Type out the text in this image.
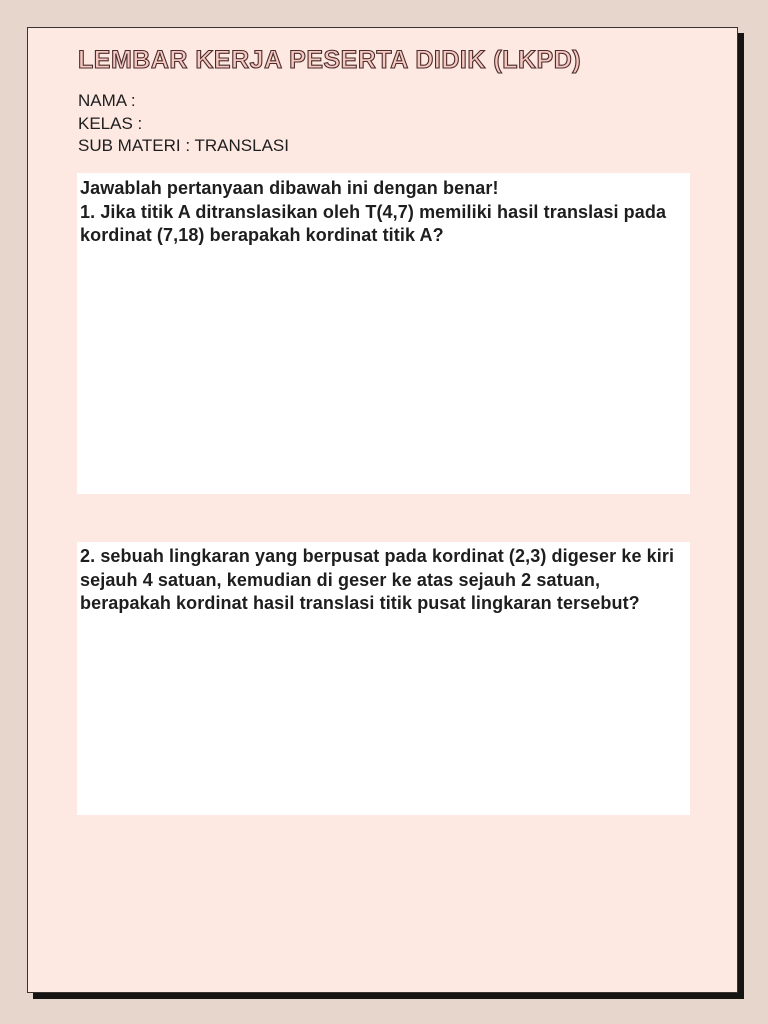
LEMBAR KERJA PESERTA DIDIK (LKPD)
NAMA :
KELAS :
SUB MATERI : TRANSLASI
Jawablah pertanyaan dibawah ini dengan benar!
1. Jika titik A ditranslasikan oleh T(4,7) memiliki hasil translasi pada
kordinat (7,18) berapakah kordinat titik A?
2. sebuah lingkaran yang berpusat pada kordinat (2,3) digeser ke kiri
sejauh 4 satuan, kemudian di geser ke atas sejauh 2 satuan,
berapakah kordinat hasil translasi titik pusat lingkaran tersebut?
